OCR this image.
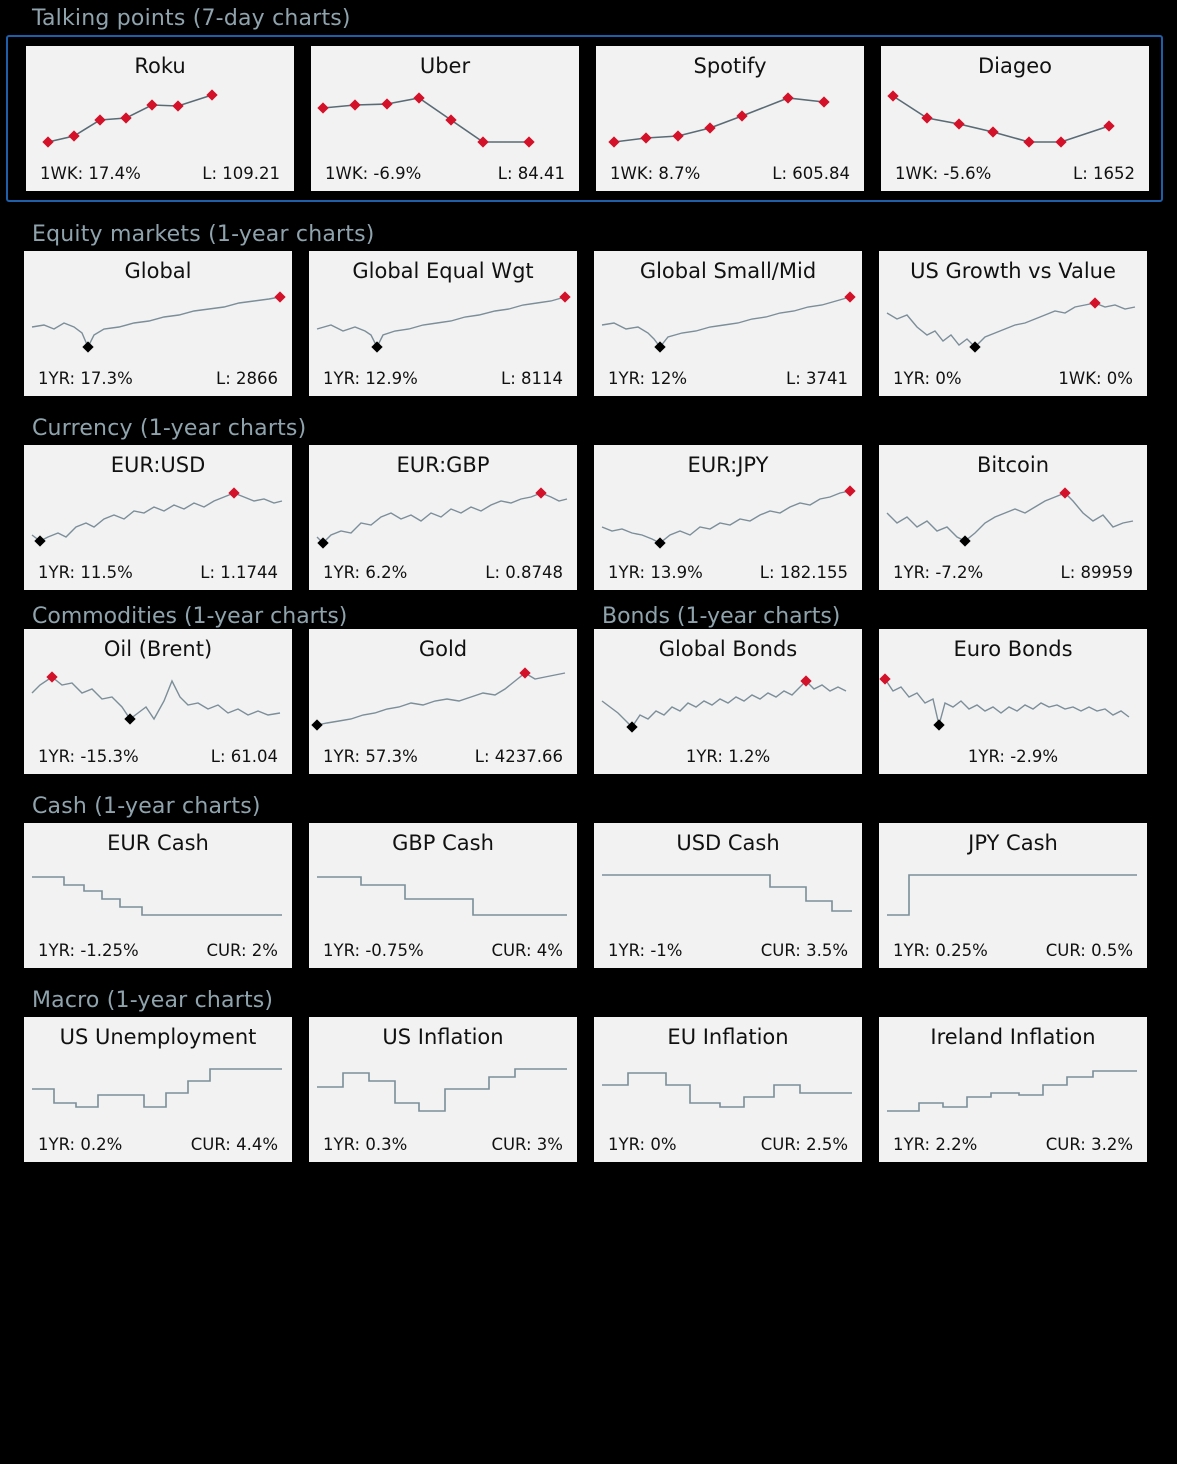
Talking points (7-day charts)
Roku
1WK: 17.4%	L: 109.21
Uber
1WK: -6.9%	L: 84.41
Spotify
1WK: 8.7%	L: 605.84
Diageo
1WK: -5.6%	L: 1652
Equity markets (1-year charts)
Global
1YR: 17.3%	L: 2866
Global Equal Wgt
1YR: 12.9%	L: 8114
Global Small/Mid
1YR: 12%	L: 3741
US Growth vs Value
1YR: 0%	1WK: 0%
Currency (1-year charts)
EUR:USD
1YR: 11.5%	L: 1.1744
EUR:GBP
1YR: 6.2%	L: 0.8748
EUR:JPY
1YR: 13.9%	L: 182.155
Bitcoin
1YR: -7.2%	L: 89959
Commodities (1-year charts)	Bonds (1-year charts)
Oil (Brent)
1YR: -15.3%	L: 61.04
Gold
1YR: 57.3%	L: 4237.66
Global Bonds
1YR: 1.2%
Euro Bonds
1YR: -2.9%
Cash (1-year charts)
EUR Cash
1YR: -1.25%	CUR: 2%
GBP Cash
1YR: -0.75%	CUR: 4%
USD Cash
1YR: -1%	CUR: 3.5%
JPY Cash
1YR: 0.25%	CUR: 0.5%
Macro (1-year charts)
US Unemployment
1YR: 0.2%	CUR: 4.4%
US Inflation
1YR: 0.3%	CUR: 3%
EU Inflation
1YR: 0%	CUR: 2.5%
Ireland Inflation
1YR: 2.2%	CUR: 3.2%
